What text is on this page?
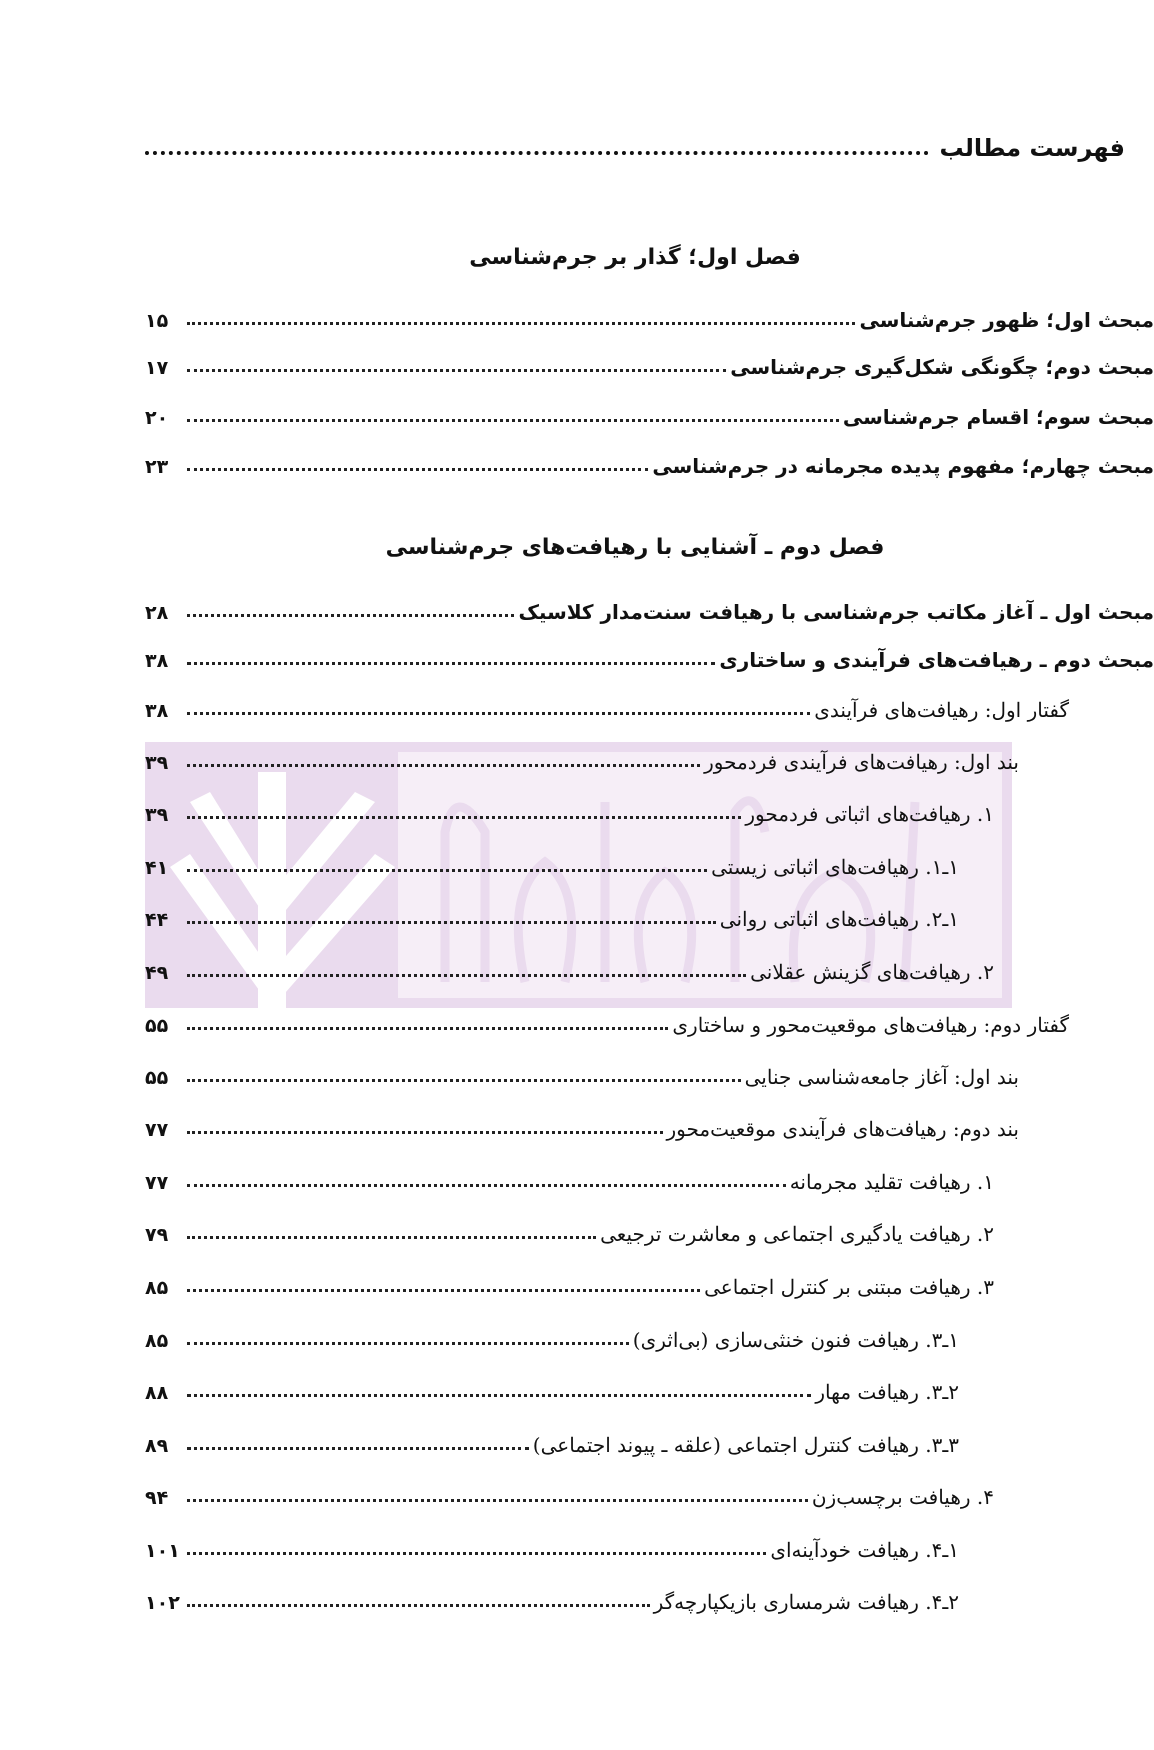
فهرست مطالب
فصل اول؛ گذار بر جرم‌شناسی
۱۵	مبحث اول؛ ظهور جرم‌شناسی
۱۷	مبحث دوم؛ چگونگی شکل‌گیری جرم‌شناسی
۲۰	مبحث سوم؛ اقسام جرم‌شناسی
۲۳	مبحث چهارم؛ مفهوم پدیده مجرمانه در جرم‌شناسی
فصل دوم ـ آشنایی با رهیافت‌های جرم‌شناسی
۲۸	مبحث اول ـ آغاز مکاتب جرم‌شناسی با رهیافت سنت‌مدار کلاسیک
۳۸	مبحث دوم ـ رهیافت‌های فرآیندی و ساختاری
۳۸	گفتار اول: رهیافت‌های فرآیندی
۳۹	بند اول: رهیافت‌های فرآیندی فردمحور
۳۹	۱. رهیافت‌های اثباتی فردمحور
۴۱	۱ـ۱. رهیافت‌های اثباتی زیستی
۴۴	۱ـ۲. رهیافت‌های اثباتی روانی
۴۹	۲. رهیافت‌های گزینش عقلانی
۵۵	گفتار دوم: رهیافت‌های موقعیت‌محور و ساختاری
۵۵	بند اول: آغاز جامعه‌شناسی جنایی
۷۷	بند دوم: رهیافت‌های فرآیندی موقعیت‌محور
۷۷	۱. رهیافت تقلید مجرمانه
۷۹	۲. رهیافت یادگیری اجتماعی و معاشرت ترجیعی
۸۵	۳. رهیافت مبتنی بر کنترل اجتماعی
۸۵	۱ـ۳. رهیافت فنون خنثی‌سازی (بی‌اثری)
۸۸	۲ـ۳. رهیافت مهار
۸۹	۳ـ۳. رهیافت کنترل اجتماعی (علقه ـ پیوند اجتماعی)
۹۴	۴. رهیافت برچسب‌زن
۱۰۱	۱ـ۴. رهیافت خودآینه‌ای
۱۰۲	۲ـ۴. رهیافت شرمساری بازیکپارچه‌گر
